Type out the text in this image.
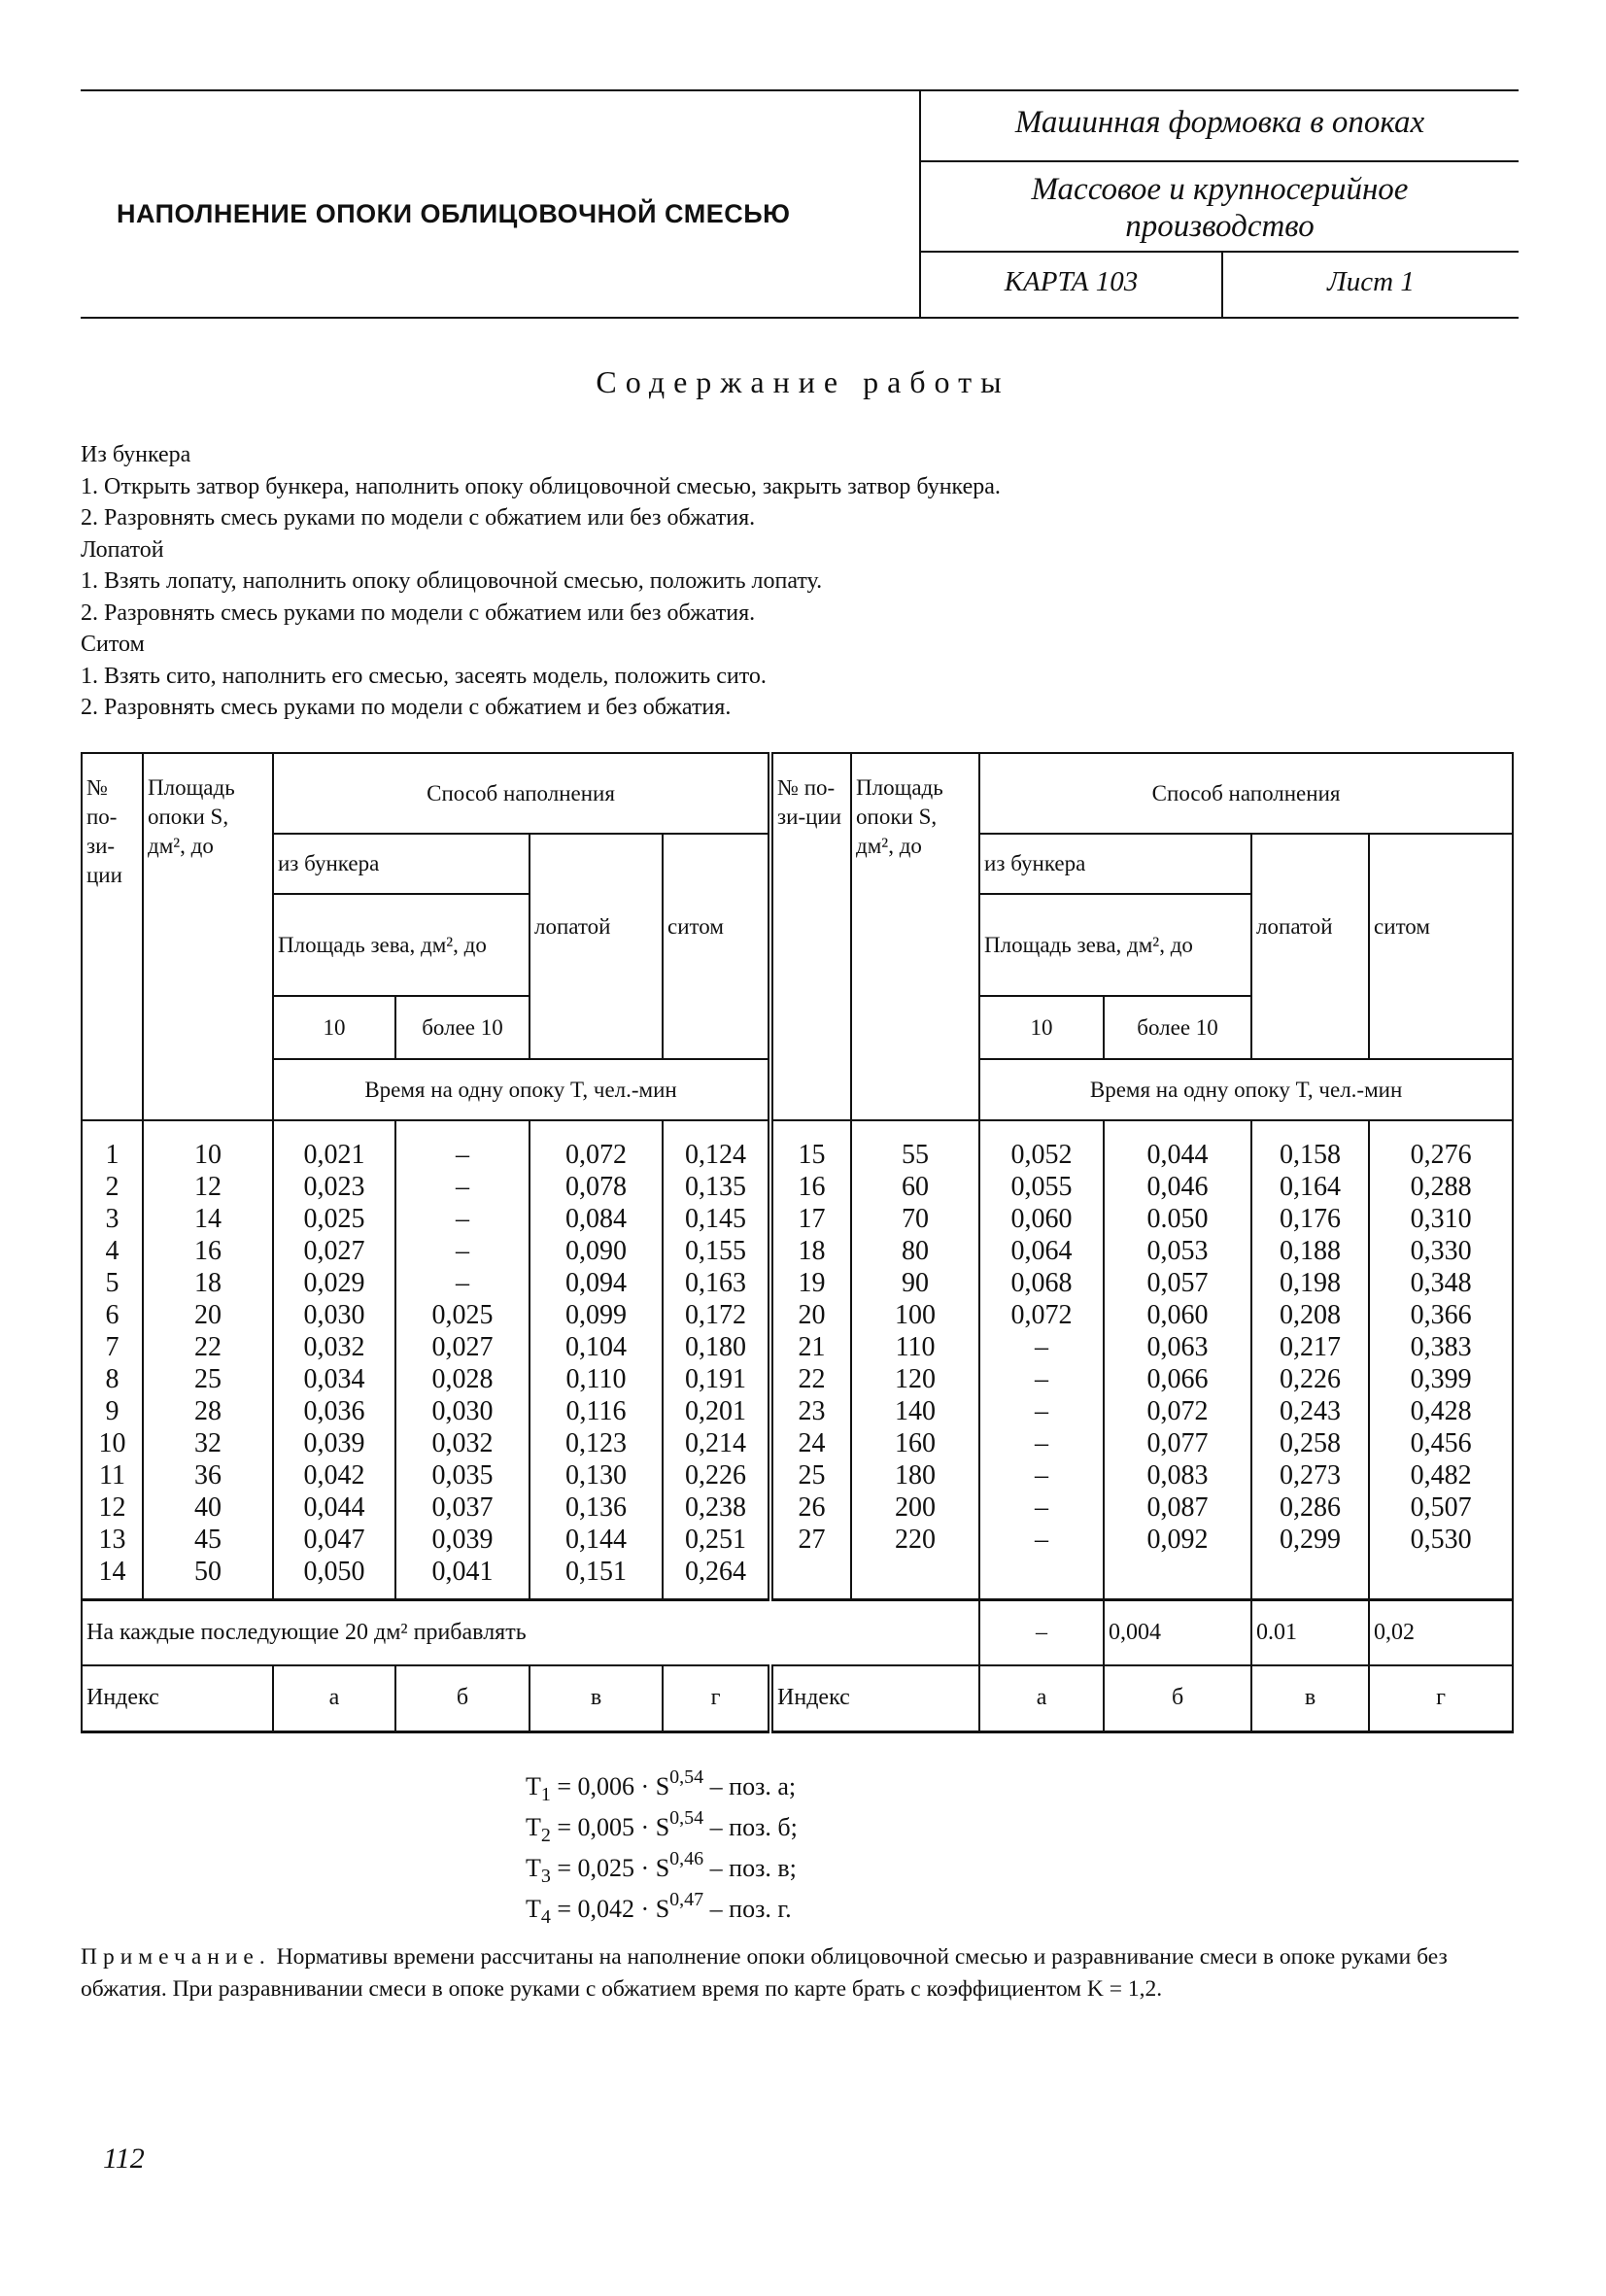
НАПОЛНЕНИЕ ОПОКИ ОБЛИЦОВОЧНОЙ СМЕСЬЮ
Машинная формовка в опоках
Массовое и крупносерийное
производство
КАРТА 103	Лист 1
Содержание работы
Из бункера
1. Открыть затвор бункера, наполнить опоку облицовочной смесью, закрыть затвор бункера.
2. Разровнять смесь руками по модели с обжатием или без обжатия.
Лопатой
1. Взять лопату, наполнить опоку облицовочной смесью, положить лопату.
2. Разровнять смесь руками по модели с обжатием или без обжатия.
Ситом
1. Взять сито, наполнить его смесью, засеять модель, положить сито.
2. Разровнять смесь руками по модели с обжатием и без обжатия.
№ по-зи-ции	Площадь опоки S, дм², до	Способ наполнения				№ по-зи-ции	Площадь опоки S, дм², до	Способ наполнения			
		из бункера		лопатой	ситом			из бункера		лопатой	ситом
		Площадь зева, дм², до						Площадь зева, дм², до			
		10	более 10					10	более 10		
		Время на одну опоку T, чел.-мин						Время на одну опоку T, чел.-мин			
1	10	0,021	–	0,072	0,124	15	55	0,052	0,044	0,158	0,276
2	12	0,023	–	0,078	0,135	16	60	0,055	0,046	0,164	0,288
3	14	0,025	–	0,084	0,145	17	70	0,060	0.050	0,176	0,310
4	16	0,027	–	0,090	0,155	18	80	0,064	0,053	0,188	0,330
5	18	0,029	–	0,094	0,163	19	90	0,068	0,057	0,198	0,348
6	20	0,030	0,025	0,099	0,172	20	100	0,072	0,060	0,208	0,366
7	22	0,032	0,027	0,104	0,180	21	110	–	0,063	0,217	0,383
8	25	0,034	0,028	0,110	0,191	22	120	–	0,066	0,226	0,399
9	28	0,036	0,030	0,116	0,201	23	140	–	0,072	0,243	0,428
10	32	0,039	0,032	0,123	0,214	24	160	–	0,077	0,258	0,456
11	36	0,042	0,035	0,130	0,226	25	180	–	0,083	0,273	0,482
12	40	0,044	0,037	0,136	0,238	26	200	–	0,087	0,286	0,507
13	45	0,047	0,039	0,144	0,251	27	220	–	0,092	0,299	0,530
14	50	0,050	0,041	0,151	0,264						

На каждые последующие 20 дм² прибавлять								–	0,004	0.01	0,02
Индекс		а	б	в	г	Индекс		а	б	в	г
$T_1 = 0,006 \cdot S^{0,54}$ – поз. а;
$T_2 = 0,005 \cdot S^{0,54}$ – поз. б;
$T_3 = 0,025 \cdot S^{0,46}$ – поз. в;
$T_4 = 0,042 \cdot S^{0,47}$ – поз. г.
Примечание. Нормативы времени рассчитаны на наполнение опоки облицовочной смесью и разравнивание смеси в опоке руками без обжатия. При разравнивании смеси в опоке руками с обжатием время по карте брать с коэффициентом K = 1,2.
112
